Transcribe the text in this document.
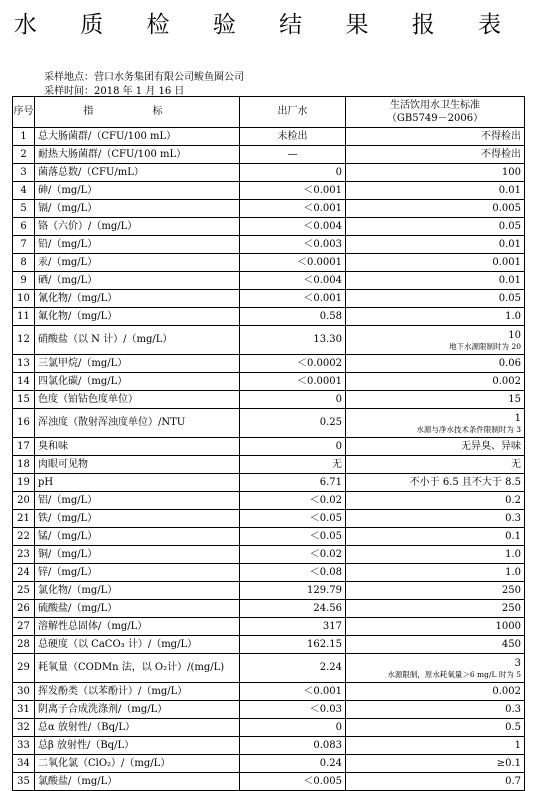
水 质 检 验 结 果 报 表
采样地点：营口水务集团有限公司鲅鱼圈公司
采样时间：2018 年 1 月 16 日
序号	指 标	出厂水	生活饮用水卫生标准
（GB5749－2006）

1	总大肠菌群/（CFU/100 mL）	未检出	不得检出

2	耐热大肠菌群/（CFU/100 mL）	—	不得检出

3	菌落总数/（CFU/mL）	0	100

4	砷/（mg/L）	＜0.001	0.01

5	镉/（mg/L）	＜0.001	0.005

6	铬（六价）/（mg/L）	＜0.004	0.05

7	铅/（mg/L）	＜0.003	0.01

8	汞/（mg/L）	＜0.0001	0.001

9	硒/（mg/L）	＜0.004	0.01

10	氰化物/（mg/L）	＜0.001	0.05

11	氟化物/（mg/L）	0.58	1.0

12	硝酸盐（以 N 计）/（mg/L）	13.30	10
地下水源限制时为 20

13	三氯甲烷/（mg/L）	＜0.0002	0.06

14	四氯化碳/（mg/L）	＜0.0001	0.002

15	色度（铂钴色度单位）	0	15

16	浑浊度（散射浑浊度单位）/NTU	0.25	1
水源与净水技术条件限制时为 3

17	臭和味	0	无异臭、异味

18	肉眼可见物	无	无

19	pH	6.71	不小于 6.5 且不大于 8.5

20	铝/（mg/L）	＜0.02	0.2

21	铁/（mg/L）	＜0.05	0.3

22	锰/（mg/L）	＜0.05	0.1

23	铜/（mg/L）	＜0.02	1.0

24	锌/（mg/L）	＜0.08	1.0

25	氯化物/（mg/L）	129.79	250

26	硫酸盐/（mg/L）	24.56	250

27	溶解性总固体/（mg/L）	317	1000

28	总硬度（以 CaCO₃ 计）/（mg/L）	162.15	450

29	耗氧量（CODMn 法，以 O₂计）/(mg/L)	2.24	3
水源限制，原水耗氧量＞6 mg/L 时为 5

30	挥发酚类（以苯酚计）/（mg/L）	＜0.001	0.002

31	阴离子合成洗涤剂/（mg/L）	＜0.03	0.3

32	总α 放射性/（Bq/L）	0	0.5

33	总β 放射性/（Bq/L）	0.083	1

34	二氧化氯（ClO₂）/（mg/L）	0.24	≥0.1

35	氯酸盐/（mg/L）	＜0.005	0.7
